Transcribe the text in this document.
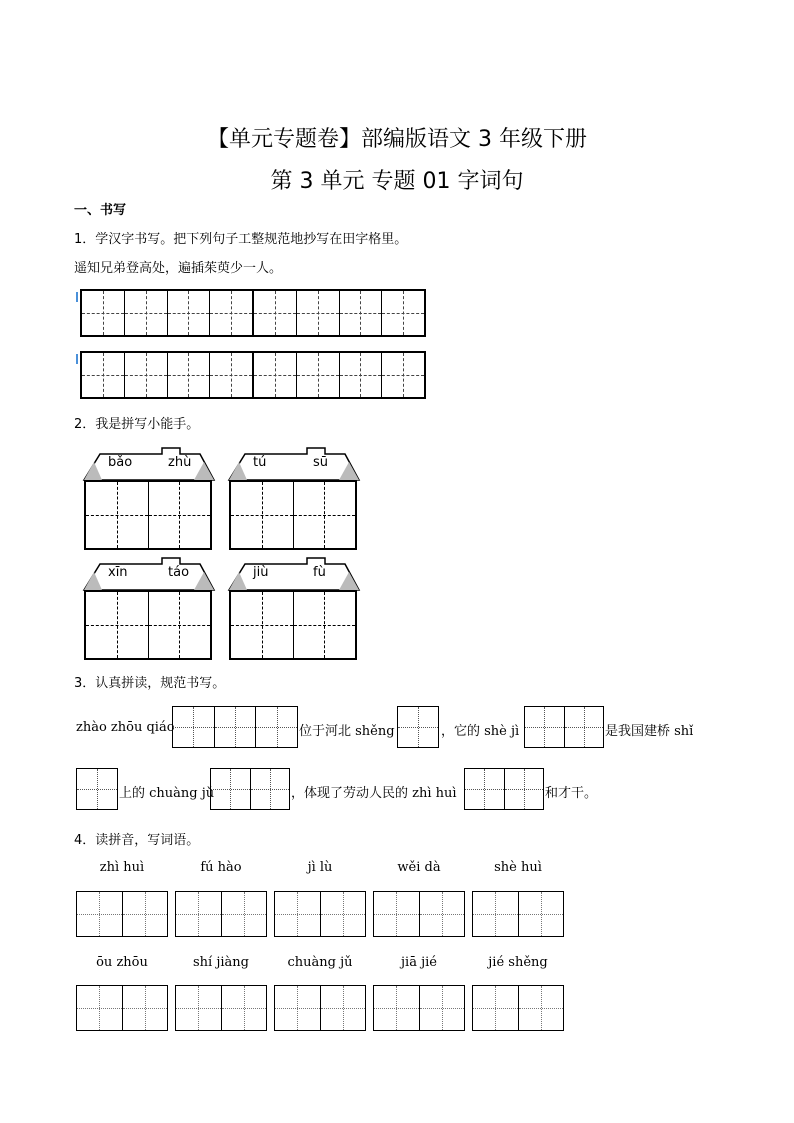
【单元专题卷】部编版语文 3 年级下册
第 3 单元 专题 01 字词句
一、书写
1．学汉字书写。把下列句子工整规范地抄写在田字格里。
遥知兄弟登高处，遍插茱萸少一人。
2．我是拼写小能手。
bǎo	zhù	tú	sū
xīn	táo	jiù	fù
3．认真拼读，规范书写。
zhào zhōu qiáo	位于河北 shěng	，它的 shè jì	是我国建桥 shǐ
上的 chuàng jǔ	，体现了劳动人民的 zhì huì	和才干。
4．读拼音，写词语。
zhì huì	fú hào	jì lù	wěi dà	shè huì
ōu zhōu	shí jiàng	chuàng jǔ	jiā jié	jié shěng
